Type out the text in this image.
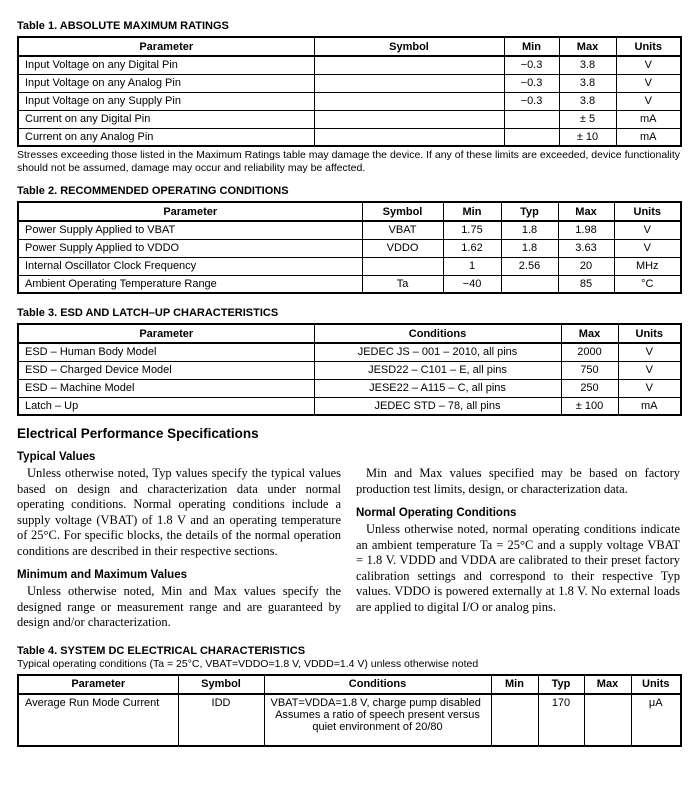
Table 1. ABSOLUTE MAXIMUM RATINGS
Parameter	Symbol	Min	Max	Units
Input Voltage on any Digital Pin		−0.3	3.8	V
Input Voltage on any Analog Pin		−0.3	3.8	V
Input Voltage on any Supply Pin		−0.3	3.8	V
Current on any Digital Pin			± 5	mA
Current on any Analog Pin			± 10	mA

Stresses exceeding those listed in the Maximum Ratings table may damage the device. If any of these limits are exceeded, device functionality should not be assumed, damage may occur and reliability may be affected.

Table 2. RECOMMENDED OPERATING CONDITIONS
Parameter	Symbol	Min	Typ	Max	Units
Power Supply Applied to VBAT	VBAT	1.75	1.8	1.98	V
Power Supply Applied to VDDO	VDDO	1.62	1.8	3.63	V
Internal Oscillator Clock Frequency		1	2.56	20	MHz
Ambient Operating Temperature Range	Ta	−40		85	°C
Table 3. ESD AND LATCH–UP CHARACTERISTICS
Parameter	Conditions	Max	Units
ESD – Human Body Model	JEDEC JS – 001 – 2010, all pins	2000	V
ESD – Charged Device Model	JESD22 – C101 – E, all pins	750	V
ESD – Machine Model	JESE22 – A115 – C, all pins	250	V
Latch – Up	JEDEC STD – 78, all pins	± 100	mA
Electrical Performance Specifications
Typical Values

Unless otherwise noted, Typ values specify the typical values based on design and characterization data under normal operating conditions. Normal operating conditions include a supply voltage (VBAT) of 1.8 V and an operating temperature of 25°C. For specific blocks, the details of the normal operation conditions are described in their respective sections.

Minimum and Maximum Values

Unless otherwise noted, Min and Max values specify the designed range or measurement range and are guaranteed by design and/or characterization.

Min and Max values specified may be based on factory production test limits, design, or characterization data.

Normal Operating Conditions

Unless otherwise noted, normal operating conditions indicate an ambient temperature Ta = 25°C and a supply voltage VBAT = 1.8 V. VDDD and VDDA are calibrated to their preset factory calibration settings and correspond to their respective Typ values. VDDO is powered externally at 1.8 V. No external loads are applied to digital I/O or analog pins.

Table 4. SYSTEM DC ELECTRICAL CHARACTERISTICS
Typical operating conditions (Ta = 25°C, VBAT=VDDO=1.8 V, VDDD=1.4 V) unless otherwise noted
Parameter	Symbol	Conditions	Min	Typ	Max	Units
Average Run Mode Current	IDD	VBAT=VDDA=1.8 V, charge pump disabled
Assumes a ratio of speech present versus quiet environment of 20/80		170		μA
